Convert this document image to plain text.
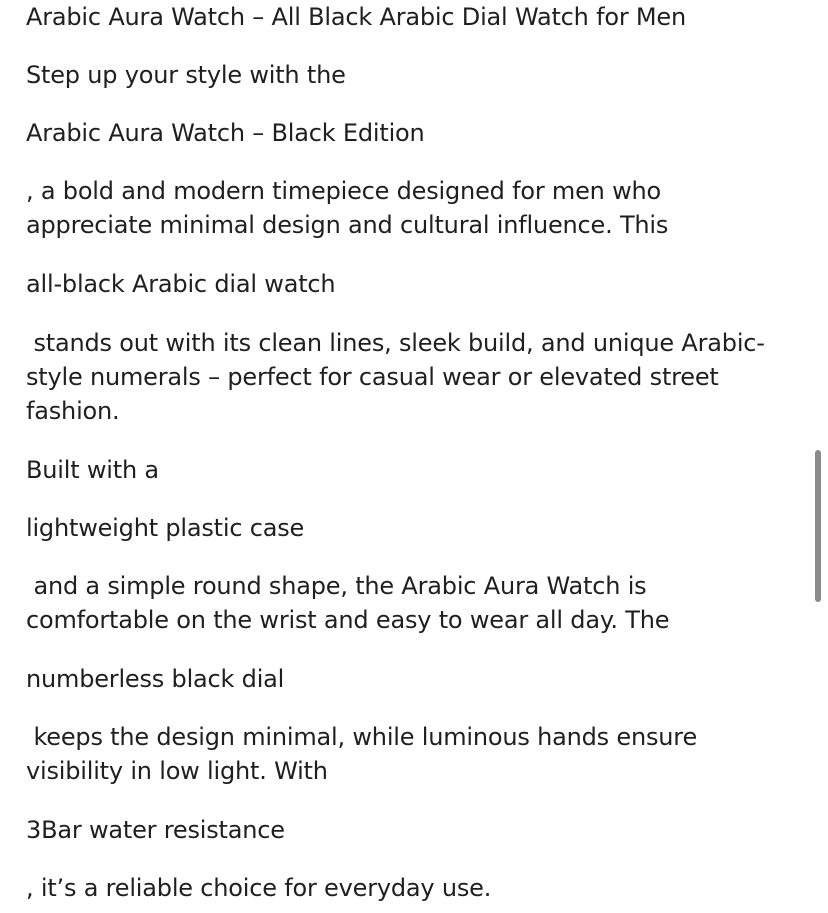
Arabic Aura Watch – All Black Arabic Dial Watch for Men

Step up your style with the

Arabic Aura Watch – Black Edition

, a bold and modern timepiece designed for men who appreciate minimal design and cultural influence. This

all-black Arabic dial watch

stands out with its clean lines, sleek build, and unique Arabic-style numerals – perfect for casual wear or elevated street fashion.

Built with a

lightweight plastic case

and a simple round shape, the Arabic Aura Watch is comfortable on the wrist and easy to wear all day. The

numberless black dial

keeps the design minimal, while luminous hands ensure visibility in low light. With

3Bar water resistance

, it’s a reliable choice for everyday use.
